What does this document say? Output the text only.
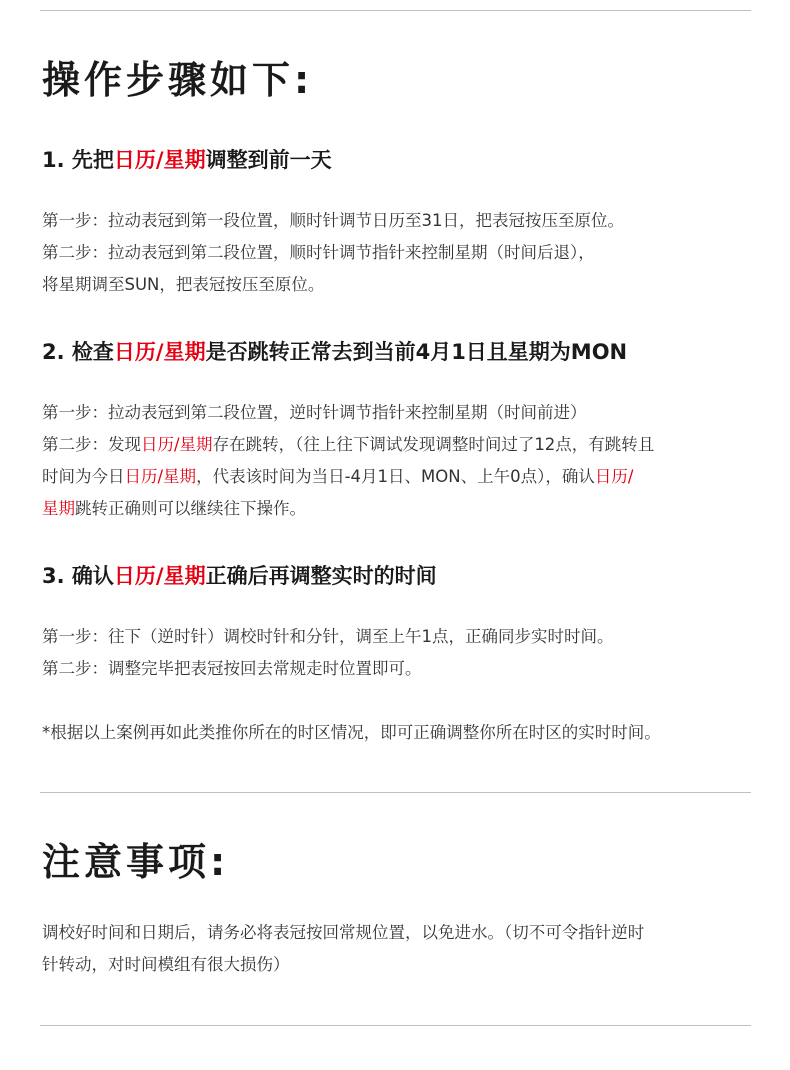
操作步骤如下:
1. 先把日历/星期调整到前一天
第一步：拉动表冠到第一段位置，顺时针调节日历至31日，把表冠按压至原位。
第二步：拉动表冠到第二段位置，顺时针调节指针来控制星期（时间后退），
将星期调至SUN，把表冠按压至原位。
2. 检查日历/星期是否跳转正常去到当前4月1日且星期为MON
第一步：拉动表冠到第二段位置，逆时针调节指针来控制星期（时间前进）
第二步：发现日历/星期存在跳转，（往上往下调试发现调整时间过了12点，有跳转且
时间为今日日历/星期，代表该时间为当日-4月1日、MON、上午0点），确认日历/
星期跳转正确则可以继续往下操作。
3. 确认日历/星期正确后再调整实时的时间
第一步：往下（逆时针）调校时针和分针，调至上午1点，正确同步实时时间。
第二步：调整完毕把表冠按回去常规走时位置即可。
*根据以上案例再如此类推你所在的时区情况，即可正确调整你所在时区的实时时间。
注意事项:
调校好时间和日期后，请务必将表冠按回常规位置，以免进水。（切不可令指针逆时
针转动，对时间模组有很大损伤）
